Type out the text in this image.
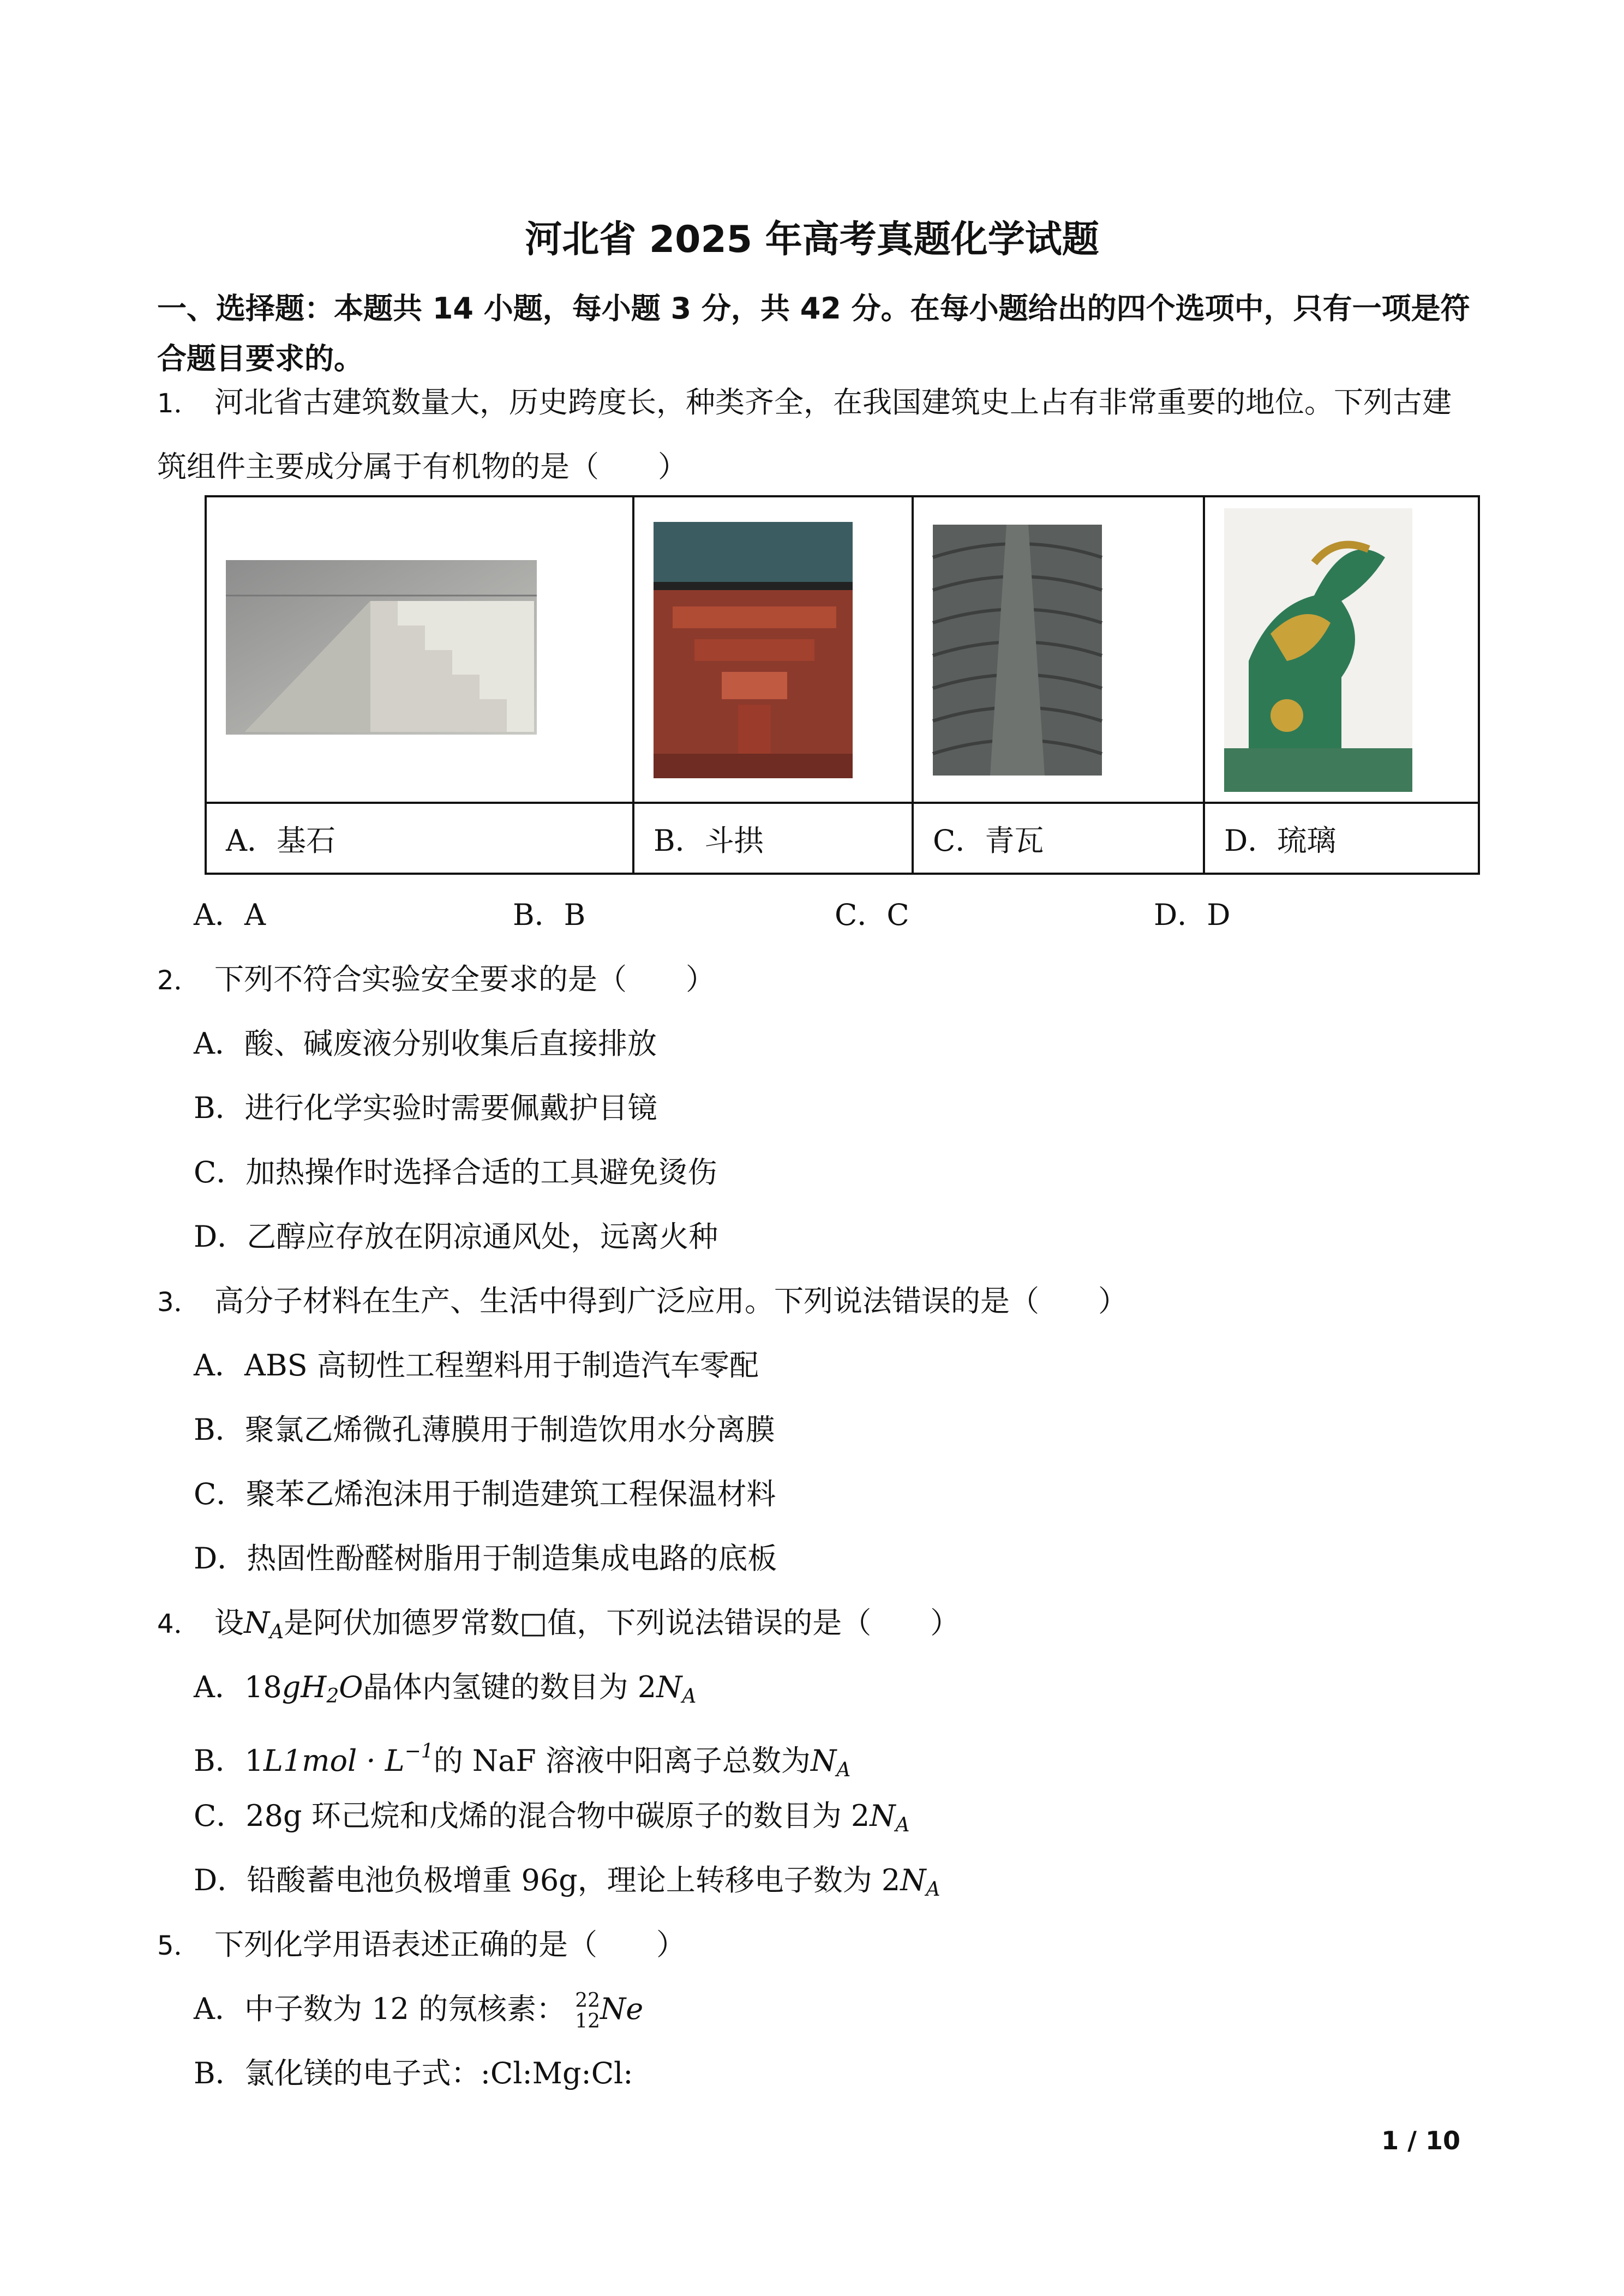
河北省 2025 年高考真题化学试题
一、选择题：本题共 14 小题，每小题 3 分，共 42 分。在每小题给出的四个选项中，只有一项是符合题目要求的。
1． 河北省古建筑数量大，历史跨度长，种类齐全，在我国建筑史上占有非常重要的地位。下列古建
筑组件主要成分属于有机物的是（　　）

A．基石	B．斗拱	C．青瓦	D．琉璃
A．A	B．B	C．C	D．D
2． 下列不符合实验安全要求的是（　　）
A．酸、碱废液分别收集后直接排放
B．进行化学实验时需要佩戴护目镜
C．加热操作时选择合适的工具避免烫伤
D．乙醇应存放在阴凉通风处，远离火种
3． 高分子材料在生产、生活中得到广泛应用。下列说法错误的是（　　）
A．ABS 高韧性工程塑料用于制造汽车零配
B．聚氯乙烯微孔薄膜用于制造饮用水分离膜
C．聚苯乙烯泡沫用于制造建筑工程保温材料
D．热固性酚醛树脂用于制造集成电路的底板
4． 设$N_A$是阿伏加德罗常数□值，下列说法错误的是（　　）
A．$18gH_2O$晶体内氢键的数目为 $2N_A$
B．$1L1mol \cdot L^{-1}$的 NaF 溶液中阳离子总数为$N_A$
C．28g 环己烷和戊烯的混合物中碳原子的数目为 $2N_A$
D．铅酸蓄电池负极增重 96g，理论上转移电子数为 $2N_A$
5． 下列化学用语表述正确的是（　　）
A．中子数为 12 的氖核素： 22
12Ne
B．氯化镁的电子式：:Cl:Mg:Cl:
1 / 10
